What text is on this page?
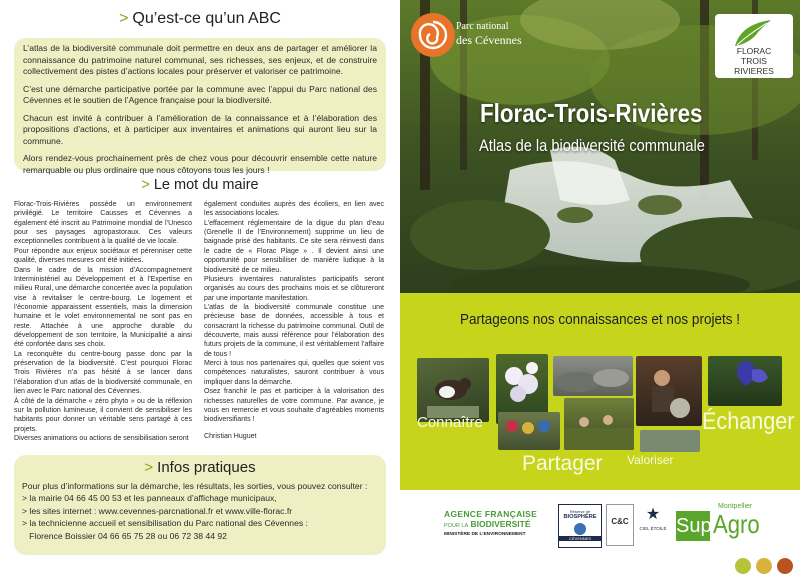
> Qu’est-ce qu’un ABC

L’atlas de la biodiversité communale doit permettre en deux ans de partager et améliorer la connaissance du patrimoine naturel communal, ses richesses, ses enjeux, et de construire collectivement des pistes d’actions locales pour préserver et valoriser ce patrimoine.

C’est une démarche participative portée par la commune avec l’appui du Parc national des Cévennes et le soutien de l’Agence française pour la biodiversité.

Chacun est invité à contribuer à l’amélioration de la connaissance et à l’élaboration des propositions d’actions, et à participer aux inventaires et animations qui auront lieu sur la commune.

Alors rendez-vous prochainement près de chez vous pour découvrir ensemble cette nature remarquable ou plus ordinaire que nous côtoyons tous les jours !

> Le mot du maire

Florac-Trois-Rivières possède un environnement privilégié. Le territoire Causses et Cévennes a également été inscrit au Patrimoine mondial de l’Unesco pour ses paysages agropastoraux. Ces valeurs exceptionnelles contribuent à la qualité de vie locale.

Pour répondre aux enjeux sociétaux et pérenniser cette qualité, diverses mesures ont été initiées.

Dans le cadre de la mission d’Accompagnement Interministériel au Développement et à l’Expertise en milieu Rural, une démarche concertée avec la population vise à revitaliser le centre-bourg. Le logement et l’économie apparaissent essentiels, mais la dimension humaine et le volet environnemental ne sont pas en reste. Attachée à une approche durable du développement de son territoire, la Municipalité a ainsi été confortée dans ses choix.

La reconquête du centre-bourg passe donc par la préservation de la biodiversité. C’est pourquoi Florac Trois Rivières n’a pas hésité à se lancer dans l’élaboration d’un atlas de la biodiversité communale, en lien avec le Parc national des Cévennes.

À côté de la démarche « zéro phyto » ou de la réflexion sur la pollution lumineuse, il convient de sensibiliser les habitants pour donner un véritable sens partagé à ces projets.

Diverses animations ou actions de sensibilisation seront

également conduites auprès des écoliers, en lien avec les associations locales.

L’effacement réglementaire de la digue du plan d’eau (Grenelle II de l’Environnement) supprime un lieu de baignade prisé des habitants. Ce site sera réinvesti dans le cadre de « Florac Plage » . Il devient ainsi une opportunité pour sensibiliser de manière ludique à la biodiversité de ce milieu.

Plusieurs inventaires naturalistes participatifs seront organisés au cours des prochains mois et se clôtureront par une importante manifestation.

L’atlas de la biodiversité communale constitue une précieuse base de données, accessible à tous et consacrant la richesse du patrimoine communal. Outil de découverte, mais aussi référence pour l’élaboration des futurs projets de la commune, il est véritablement l’affaire de tous !

Merci à tous nos partenaires qui, quelles que soient vos compétences naturalistes, sauront contribuer à vous impliquer dans la démarche.

Osez franchir le pas et participer à la valorisation des richesses naturelles de votre commune. Par avance, je vous en remercie et vous souhaite d’agréables moments biodiversifiants !

Christian Huguet

> Infos pratiques
Pour plus d’informations sur la démarche, les résultats, les sorties, vous pouvez consulter :
> la mairie 04 66 45 00 53 et les panneaux d’affichage municipaux,
> les sites internet : www.cevennes-parcnational.fr et www.ville-florac.fr
> la technicienne accueil et sensibilisation du Parc national des Cévennes :
Florence Boissier 04 66 65 75 28 ou 06 72 38 44 92
Parc national
des Cévennes
FLORAC
TROIS
RIVIERES
Florac-Trois-Rivières
Atlas de la biodiversité communale
Image reçue de la mise en valeur de l’eau en Cévennes · Crédits photos : Parc national des Cévennes
Partageons nos connaissances et nos projets !
Connaître
Partager Valoriser
Échanger
AGENCE FRANÇAISE
POUR LA BIODIVERSITÉ
MINISTÈRE DE L’ENVIRONNEMENT
Réserve de
BIOSPHÈRE
CÉVENNES
C&C	★
CIEL ÉTOILÉ
Montpellier
Sup Agro
